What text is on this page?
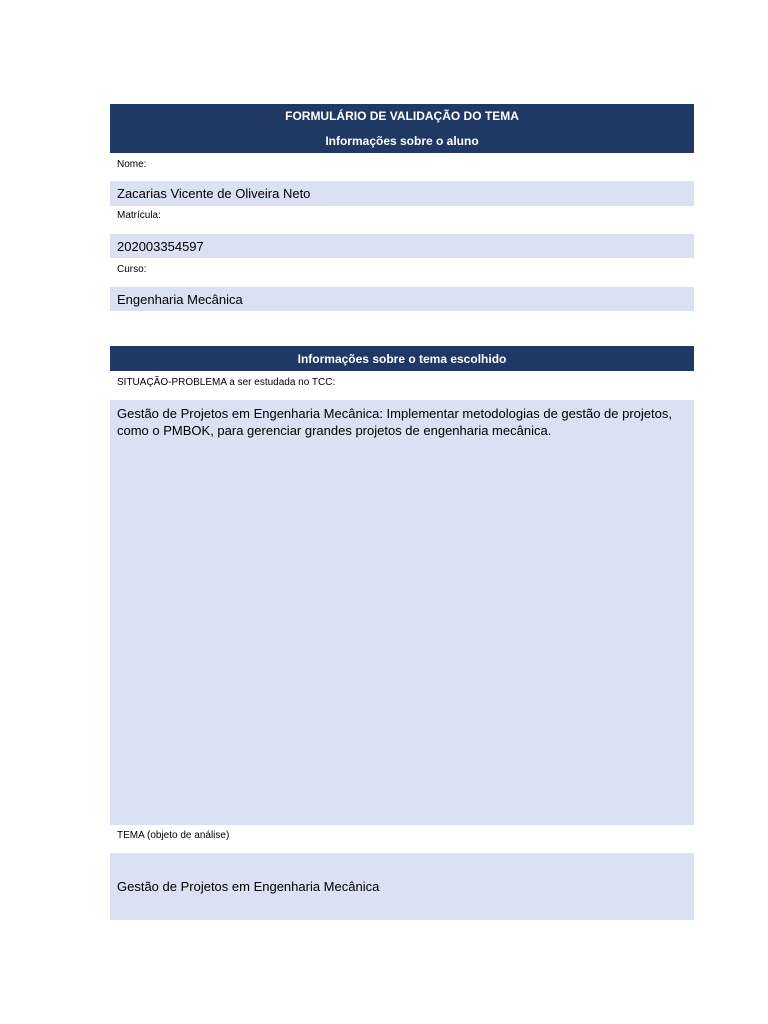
FORMULÁRIO DE VALIDAÇÃO DO TEMA
Informações sobre o aluno
Nome:
Zacarias Vicente de Oliveira Neto
Matrícula:
202003354597
Curso:
Engenharia Mecânica
Informações sobre o tema escolhido
SITUAÇÃO-PROBLEMA a ser estudada no TCC:
Gestão de Projetos em Engenharia Mecânica: Implementar metodologias de gestão de projetos, como o PMBOK, para gerenciar grandes projetos de engenharia mecânica.
TEMA (objeto de análise)
Gestão de Projetos em Engenharia Mecânica
